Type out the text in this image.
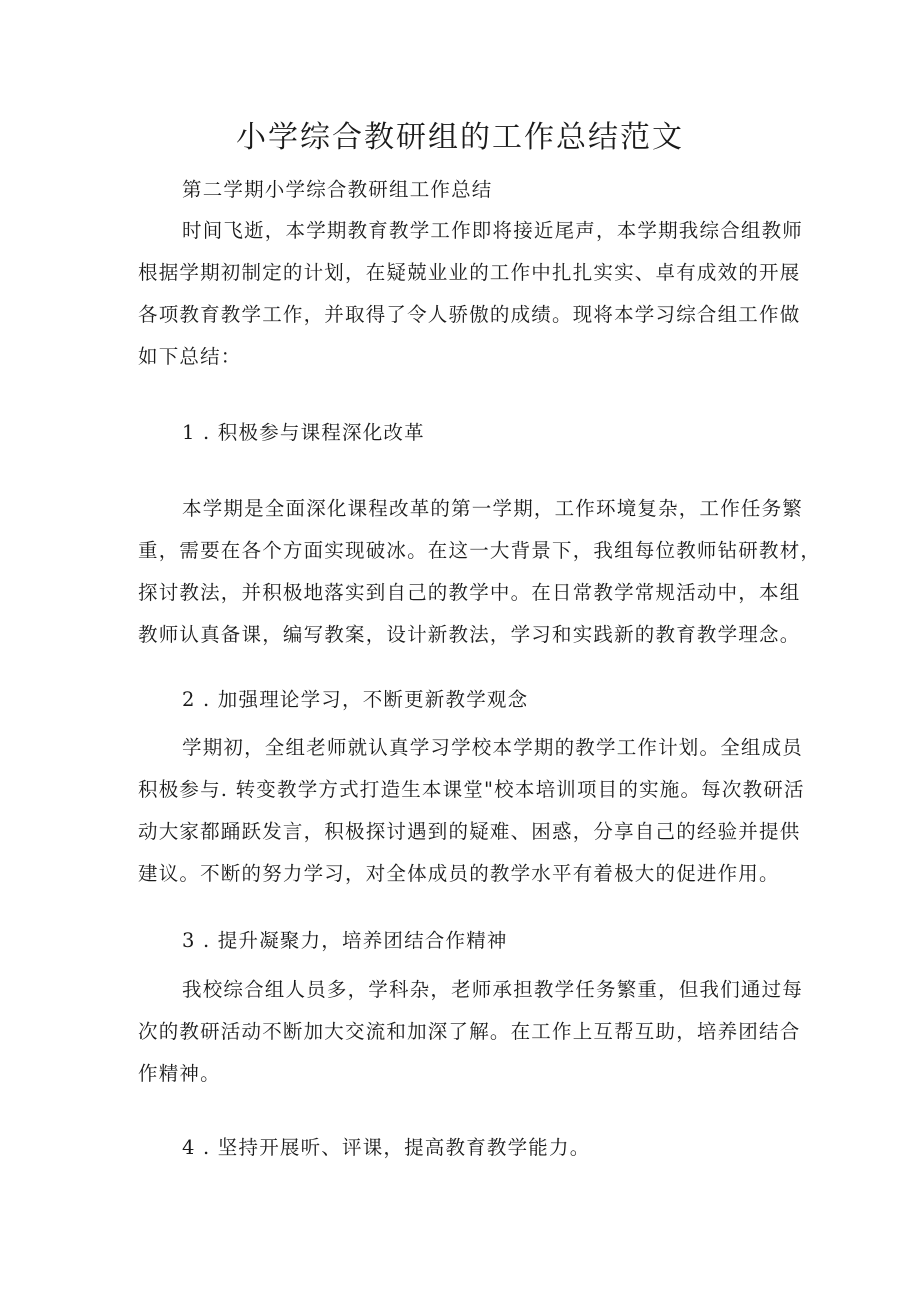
小学综合教研组的工作总结范文

第二学期小学综合教研组工作总结

时间飞逝，本学期教育教学工作即将接近尾声，本学期我综合组教师
根据学期初制定的计划，在疑兢业业的工作中扎扎实实、卓有成效的开展
各项教育教学工作，并取得了令人骄傲的成绩。现将本学习综合组工作做
如下总结：

1 . 积极参与课程深化改革

本学期是全面深化课程改革的第一学期，工作环境复杂，工作任务繁
重，需要在各个方面实现破冰。在这一大背景下，我组每位教师钻研教材，
探讨教法，并积极地落实到自己的教学中。在日常教学常规活动中，本组
教师认真备课，编写教案，设计新教法，学习和实践新的教育教学理念。

2 . 加强理论学习，不断更新教学观念

学期初，全组老师就认真学习学校本学期的教学工作计划。全组成员
积极参与. 转变教学方式打造生本课堂"校本培训项目的实施。每次教研活
动大家都踊跃发言，积极探讨遇到的疑难、困惑，分享自己的经验并提供
建议。不断的努力学习，对全体成员的教学水平有着极大的促进作用。

3 . 提升凝聚力，培养团结合作精神

我校综合组人员多，学科杂，老师承担教学任务繁重，但我们通过每
次的教研活动不断加大交流和加深了解。在工作上互帮互助，培养团结合
作精神。

4 . 坚持开展听、评课，提高教育教学能力。
